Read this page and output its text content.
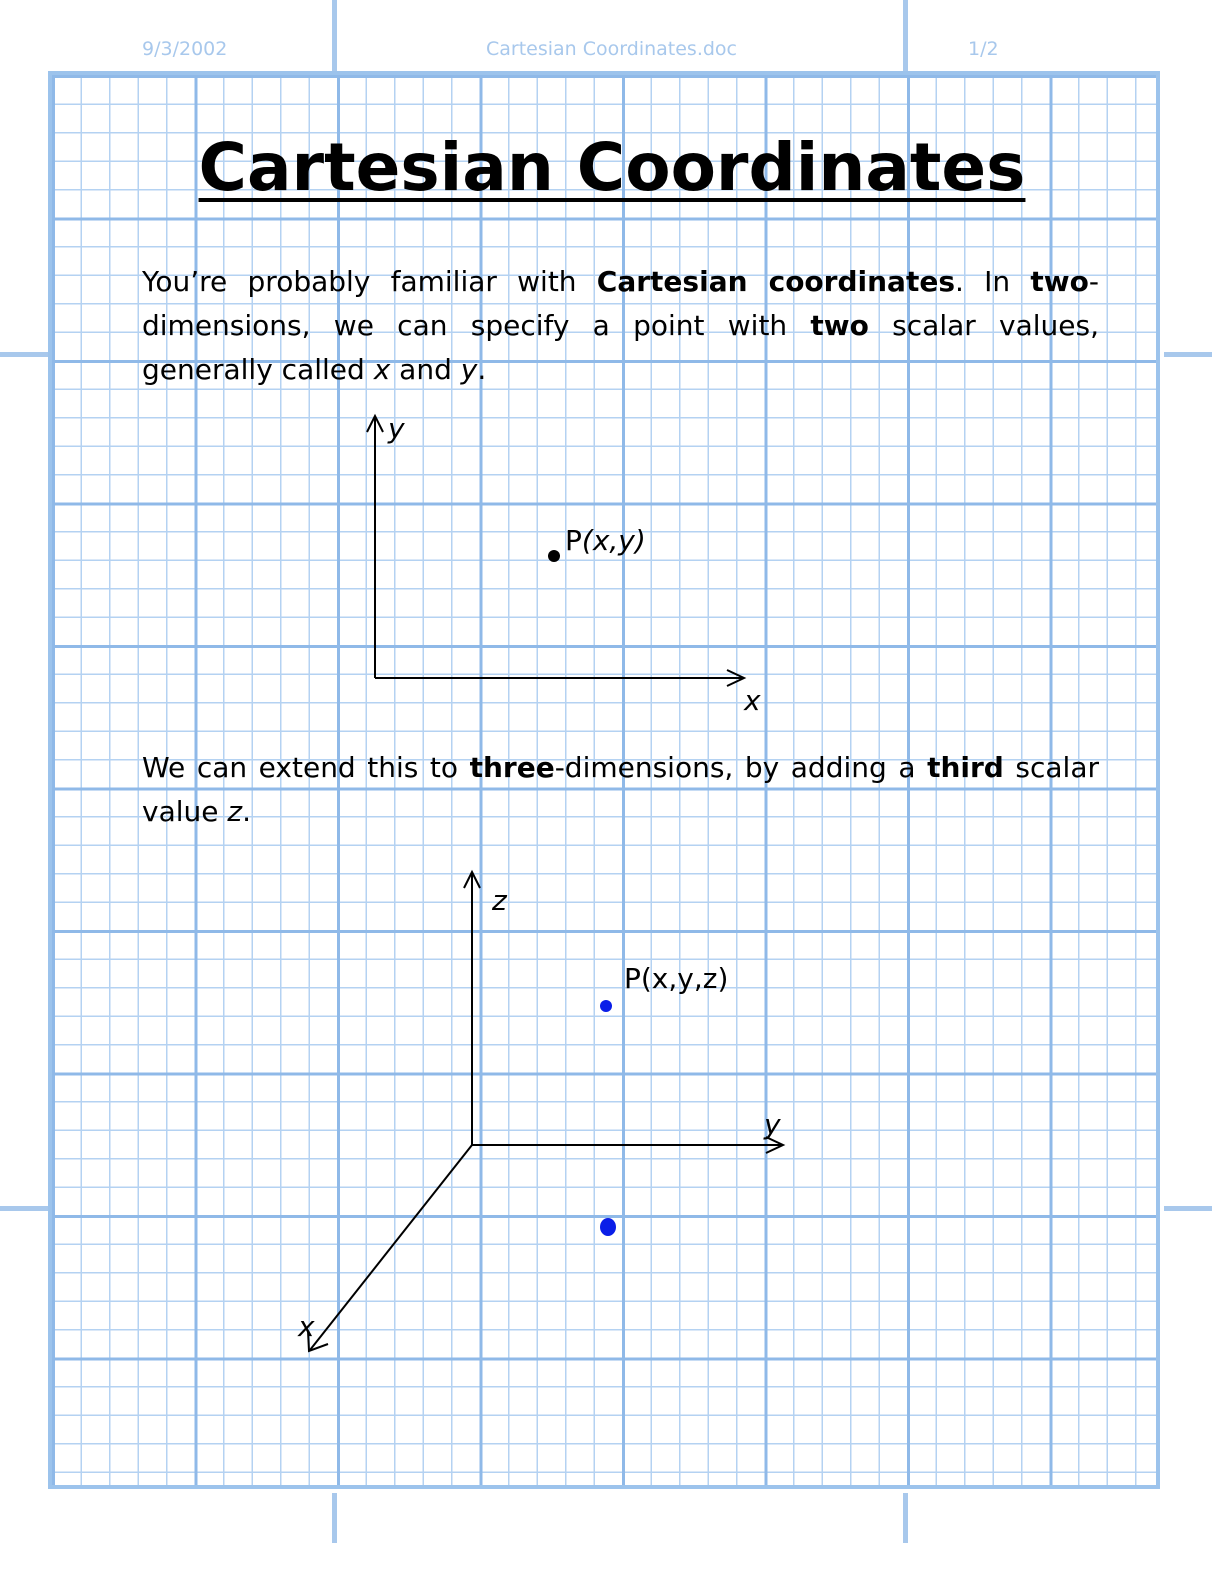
9/3/2002	Cartesian Coordinates.doc	1/2
Cartesian Coordinates

You’re probably familiar with Cartesian coordinates. In two-dimensions, we can specify a point with two scalar values, generally called x and y.

y
x
P(x,y)

We can extend this to three-dimensions, by adding a third scalar value z.

z
y
x
P(x,y,z)
